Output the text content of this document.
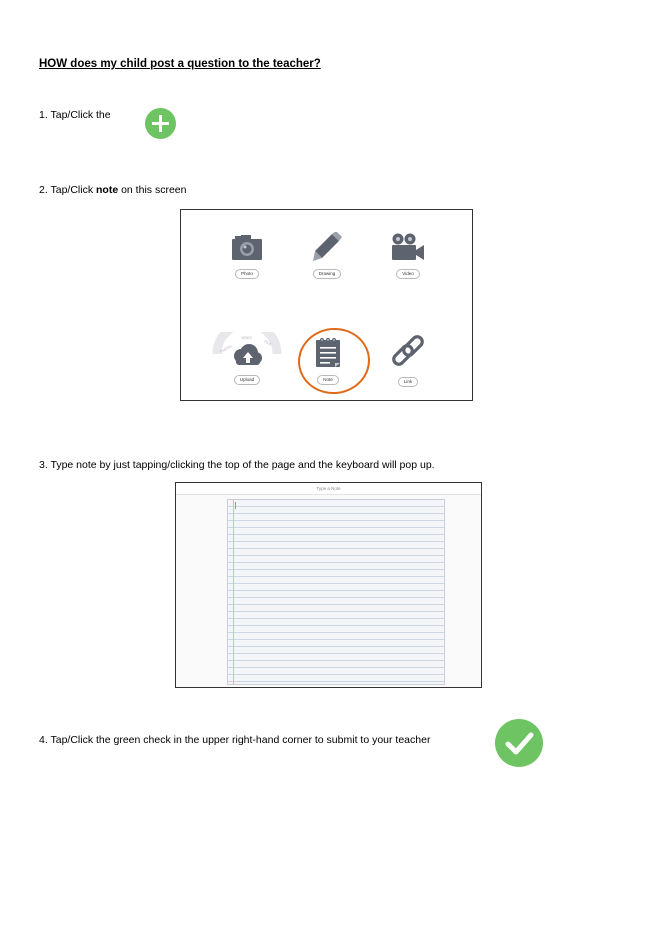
HOW does my child post a question to the teacher?
1. Tap/Click the
2. Tap/Click note on this screen
Photo	Drawing	Video
PHOTO
VIDEO
FILE
Upload	Note	Link
3. Type note by just tapping/clicking the top of the page and the keyboard will pop up.
Type a Note
4. Tap/Click the green check in the upper right-hand corner to submit to your teacher
